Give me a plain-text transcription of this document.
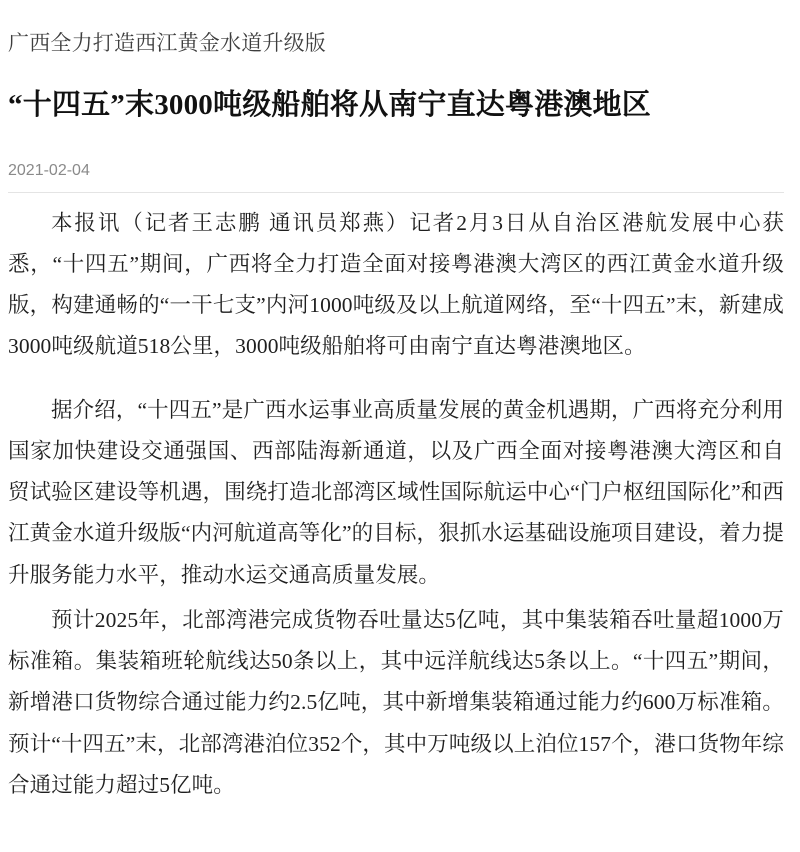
广西全力打造西江黄金水道升级版
“十四五”末3000吨级船舶将从南宁直达粤港澳地区
2021-02-04

本报讯（记者王志鹏 通讯员郑燕）记者2月3日从自治区港航发展中心获悉，“十四五”期间，广西将全力打造全面对接粤港澳大湾区的西江黄金水道升级版，构建通畅的“一干七支”内河1000吨级及以上航道网络，至“十四五”末，新建成3000吨级航道518公里，3000吨级船舶将可由南宁直达粤港澳地区。

据介绍，“十四五”是广西水运事业高质量发展的黄金机遇期，广西将充分利用国家加快建设交通强国、西部陆海新通道，以及广西全面对接粤港澳大湾区和自贸试验区建设等机遇，围绕打造北部湾区域性国际航运中心“门户枢纽国际化”和西江黄金水道升级版“内河航道高等化”的目标，狠抓水运基础设施项目建设，着力提升服务能力水平，推动水运交通高质量发展。

预计2025年，北部湾港完成货物吞吐量达5亿吨，其中集装箱吞吐量超1000万标准箱。集装箱班轮航线达50条以上，其中远洋航线达5条以上。“十四五”期间，新增港口货物综合通过能力约2.5亿吨，其中新增集装箱通过能力约600万标准箱。预计“十四五”末，北部湾港泊位352个，其中万吨级以上泊位157个，港口货物年综合通过能力超过5亿吨。
